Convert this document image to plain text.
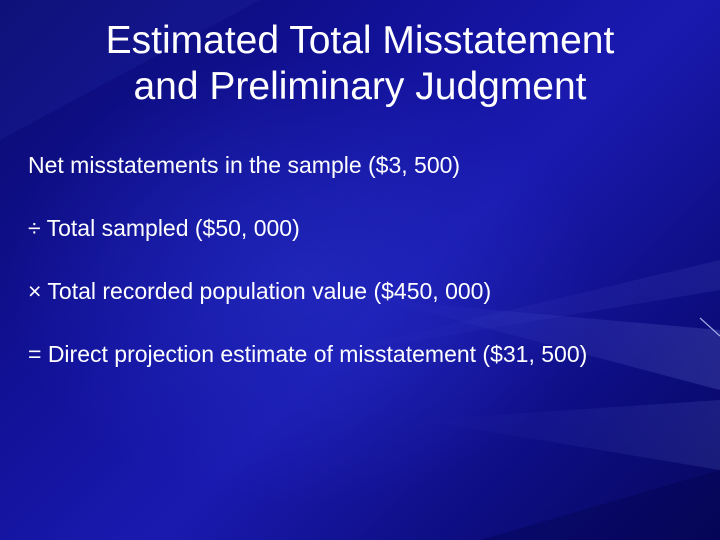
Estimated Total Misstatement
and Preliminary Judgment

Net misstatements in the sample ($3, 500)

÷ Total sampled ($50, 000)

× Total recorded population value ($450, 000)

= Direct projection estimate of misstatement ($31, 500)
